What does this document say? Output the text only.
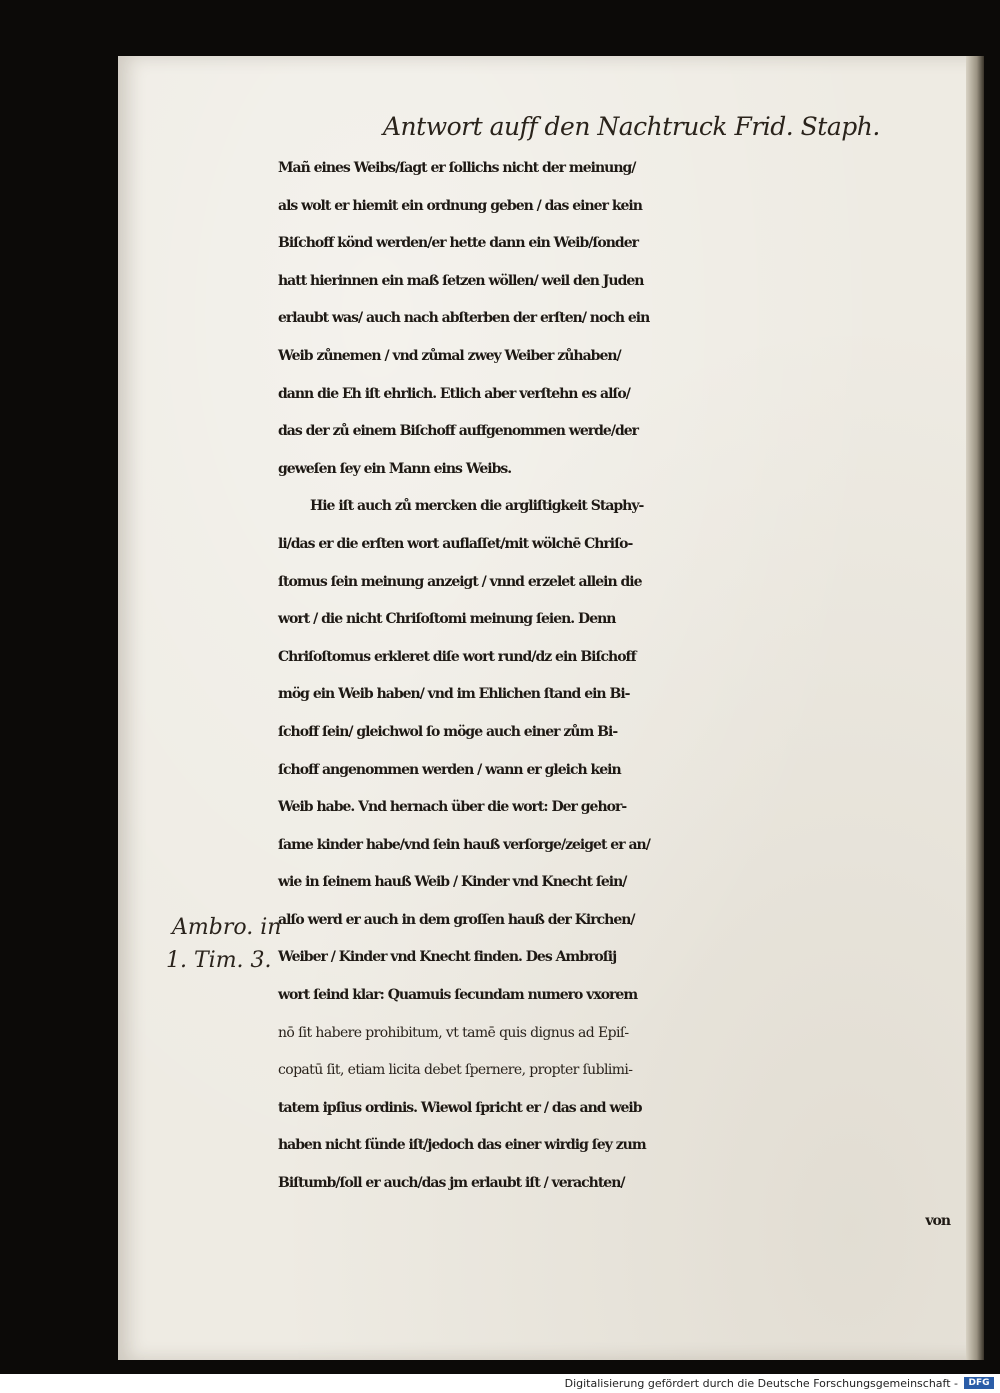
Antwort auff den Nachtruck Frid. Staph.
Mañ eines Weibs/ſagt er ſollichs nicht der meinung/
als wolt er hiemit ein ordnung geben / das einer kein
Biſchoff könd werden/er hette dann ein Weib/ſonder
hatt hierinnen ein maß ſetzen wöllen/ weil den Juden
erlaubt was/ auch nach abſterben der erſten/ noch ein
Weib zůnemen / vnd zůmal zwey Weiber zůhaben/
dann die Eh iſt ehrlich. Etlich aber verſtehn es alſo/
das der zů einem Biſchoff auffgenommen werde/der
geweſen ſey ein Mann eins Weibs.
Hie iſt auch zů mercken die argliſtigkeit Staphy-
li/das er die erſten wort auflaſſet/mit wölchē Chriſo-
ſtomus ſein meinung anzeigt / vnnd erzelet allein die
wort / die nicht Chriſoſtomi meinung ſeien. Denn
Chriſoſtomus erkleret diſe wort rund/dz ein Biſchoff
mög ein Weib haben/ vnd im Ehlichen ſtand ein Bi-
ſchoff ſein/ gleichwol ſo möge auch einer zům Bi-
ſchoff angenommen werden / wann er gleich kein
Weib habe. Vnd hernach über die wort: Der gehor-
ſame kinder habe/vnd ſein hauß verſorge/zeiget er an/
wie in ſeinem hauß Weib / Kinder vnd Knecht ſein/
alſo werd er auch in dem groſſen hauß der Kirchen/
Weiber / Kinder vnd Knecht finden. Des Ambroſij
wort ſeind klar: Quamuis ſecundam numero vxorem
nō ſit habere prohibitum, vt tamē quis dignus ad Epiſ-
copatū ſit, etiam licita debet ſpernere, propter ſublimi-
tatem ipſius ordinis. Wiewol ſpricht er / das and weib
haben nicht ſünde iſt/jedoch das einer wirdig ſey zum
Biſtumb/ſoll er auch/das jm erlaubt iſt / verachten/
von
Ambro. in
1. Tim. 3.
Digitalisierung gefördert durch die Deutsche Forschungsgemeinschaft -	DFG
